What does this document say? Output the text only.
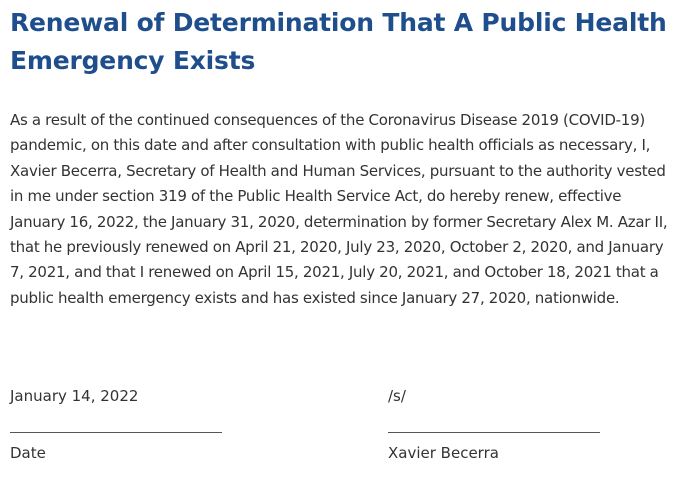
Renewal of Determination That A Public Health Emergency Exists

As a result of the continued consequences of the Coronavirus Disease 2019 (COVID-19) pandemic, on this date and after consultation with public health officials as necessary, I, Xavier Becerra, Secretary of Health and Human Services, pursuant to the authority vested in me under section 319 of the Public Health Service Act, do hereby renew, effective January 16, 2022, the January 31, 2020, determination by former Secretary Alex M. Azar II, that he previously renewed on April 21, 2020, July 23, 2020, October 2, 2020, and January 7, 2021, and that I renewed on April 15, 2021, July 20, 2021, and October 18, 2021 that a public health emergency exists and has existed since January 27, 2020, nationwide.

January 14, 2022
Date
/s/
Xavier Becerra
